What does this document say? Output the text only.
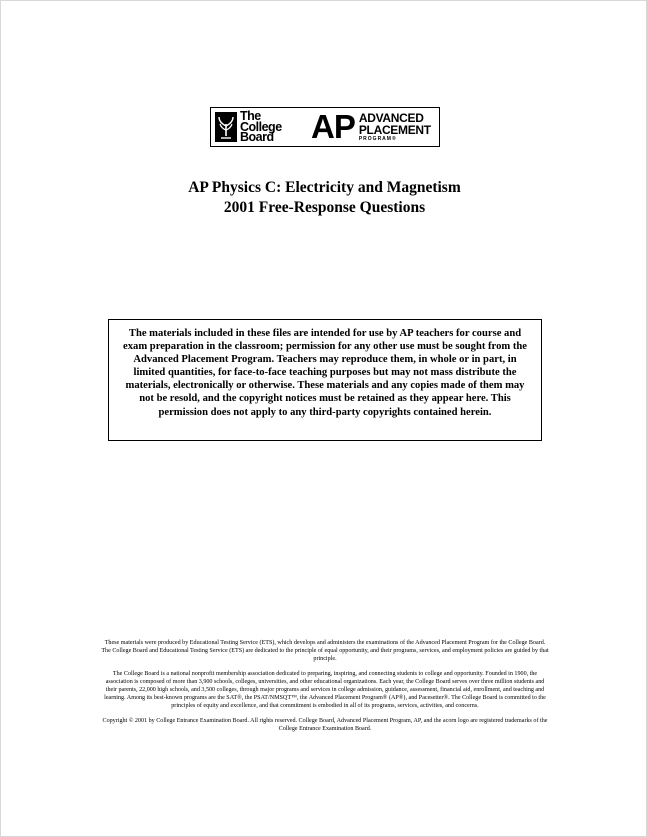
The
College
Board AP ADVANCED
PLACEMENT
PROGRAM®
AP Physics C: Electricity and Magnetism
2001 Free-Response Questions
The materials included in these files are intended for use by AP teachers for course and exam preparation in the classroom; permission for any other use must be sought from the Advanced Placement Program. Teachers may reproduce them, in whole or in part, in limited quantities, for face-to-face teaching purposes but may not mass distribute the materials, electronically or otherwise. These materials and any copies made of them may not be resold, and the copyright notices must be retained as they appear here. This permission does not apply to any third-party copyrights contained herein.

These materials were produced by Educational Testing Service (ETS), which develops and administers the examinations of the Advanced Placement Program for the College Board. The College Board and Educational Testing Service (ETS) are dedicated to the principle of equal opportunity, and their programs, services, and employment policies are guided by that principle.

The College Board is a national nonprofit membership association dedicated to preparing, inspiring, and connecting students to college and opportunity. Founded in 1900, the association is composed of more than 3,900 schools, colleges, universities, and other educational organizations. Each year, the College Board serves over three million students and their parents, 22,000 high schools, and 3,500 colleges, through major programs and services in college admission, guidance, assessment, financial aid, enrollment, and teaching and learning. Among its best-known programs are the SAT®, the PSAT/NMSQT™, the Advanced Placement Program® (AP®), and Pacesetter®. The College Board is committed to the principles of equity and excellence, and that commitment is embodied in all of its programs, services, activities, and concerns.

Copyright © 2001 by College Entrance Examination Board. All rights reserved. College Board, Advanced Placement Program, AP, and the acorn logo are registered trademarks of the College Entrance Examination Board.
